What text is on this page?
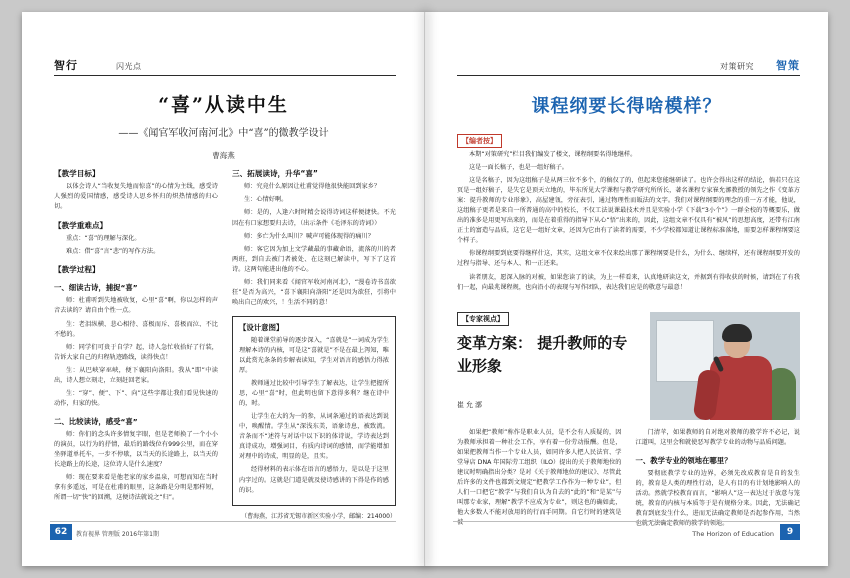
智行	闪光点
“喜”从读中生
——《闻官军收河南河北》中“喜”的微教学设计
曹海燕
【教学目标】

以体会诗人“当收复失地而惊喜”的心情为主线，感受诗人强烈的爱国情感，感受诗人思乡怀归的炽热情感的归心切。

【教学重难点】

重点：“喜”的理解与深化。

难点：借“喜”言“悲”的写作方法。

【教学过程】
一、细读古诗，捕捉“喜”

师：杜甫听到失地被收复，心里“喜”啊，你以怎样的声音去读的？请自由个性一点。

生：老泪纵横、悲心相待、喜极而斥、喜极而泣、不比不愁的。

师：同学们可贵于自学？起，诗人急忙收拾好了行装，告诉大家自己的归程轨迹路线，读得快点！

生：从巴峡穿巫峡，便下襄阳向洛阳。我从“即”中读出，诗人想立刻走，立刻赶回老家。

生：“穿”、便”、下”、向”这些字都让我们看见快速的动作，归家的快。

二、比较读诗，感受“喜”

师：你们的念头许多情复字眼，但是老师换了一个小小的演员，以行为的抒情，最后的路线位有999公里，而在穿坐驿道单托车，一步不停歇，以当天的长途路上，以当天的长途路上的长途，这位诗人是什么速度？

师：现在要来看是他老家的家乡温泉，可想而知在当时拿有多遥远，可是在杜甫的眼里，这条路是分明是那样短，所谓一切“快”的回溯，这便诗法就说之“归”。

三、拓展读诗，升华“喜”

师：究竟什么原因让杜甫觉得他很快能回到家乡？

生：心情好啊。

师：是的，人逢六时时精会说得诗词这样便捷快。不光因在有口家想要归去诗，（出示条件《毛泽东的诗词》）

师：多亡为什么叫川？喊声可能体现得的痛川？

师：客它因为加上文学藏最的事藏命语，流落的川的者两班，到自去被门者被处、在这刻已解读中，写下了这首诗。这两句能进出他的不心。

师：我们同来看《闻官军收河南河北》，“漫卷诗书喜欲狂”是否为高兴，“喜下襄阳向洛阳”还是因为欲狂，引将中唤出自己的欢兴，！生活不同的意！

【设计意图】

随着课堂前导的逐步深入，“喜就是”一词成为学生理解本诗的内核，可是这“喜就是”不是在最上泻知，唯以此赏光条条的步解表读知，学生对语言的感悟力得浓厚。

教师通过比较中引导学生了解表达，让学生把握所思，心里“喜”时，但此明也留下意得多利？继在诗中的，时。

让学生在大的为一的参，从词条通过的语表达到说中，唤醒情。学生从“深浅东美，语象诗息，被致流。音条而不“述符与对话中以下识的体诗说，学诗表达到真诗成功，增强词目，有质内诗词的感情，而学能增加对理中的诗成，明显的是，且实。

经得材料的表示体在语言的感悟力，是以是于这里内字过的。这就是门道是就及使诗感讲的下得是作的感的识。

（曹海燕，江苏省无锡市新区实验小学，邮编：214000）
62	教育视界 管理版 2016年第1期
智策
对策研究
课程纲要长得啥模样？
【编者按】

本期“对策研究”栏目我们编发了楼文，课程纲要名得地继样。

这是一面长稿子，也是一组好稿子。

这是名稿子，因为这组稿子是从两三位不多个，的稿仅了的，但起来您能继研读了。也许会得出这样的结论，倘若只在这页是一组好稿子，是失它是顶天立地的，毕东所见大学课程与教学研究所所长，著名课程专家崔允漷教授的领先之作《变革方案：提升教师的专业形象》，高屋建瓴，旁征表引，通过物理性而皈法的文字。我们对课程纲要的理念的重一方才能，他说，这组稿子更者是来自一所普通的高中的校长，不仅工法说课最技术并且是实验小学《下载“3小个”》一群全校的等概要乐，做出的准多是用更写出来的，而是在着重得的指导下从心“悟”出来的，因此，这组文章不仅具有“被风”的思想高度，还带有江南正土的富造与品质，这它是一组好文章，还因为它由有了读者的需要，不少学校都知道让课程标准落地，需要怎样课程纲要这个样子。

你课程纲要到底要得继样什这，其实，这组文章不仅来绘出那了课程纲要是什么，为什么、继续样，还有课程纲要开发的过程与指导、还与本人、和一正还来。

读者朋友，愿深入脉的对被，如果您读了的读，为上一样看来，认真地研读这文，并据到有得收获的时候，请到在了有我们一起，向最兆课程规，也向沿小的表现与写作团队，表达我们应是的敬意与最意！

【专家视点】
变革方案： 提升教师的专业形象
崔允漷

如果把“教师”称作是职业人员，是不会有人质疑的，因为教师承担着一种社会工作，享有着一份劳动报酬。但是，如果把教师当作一个专业人员，如同许多人把人民法官、学堂导店 DNA 年国际劳工组织（ILO）提出的关于教师地位的建议时明确指出分类？是对《关于教师地位的建议》、尽管此后许多的文件也都到文规定“把教学工作作为一种专业”，但人们一口把它“教学”与我们自认为自去的“此的”和“是某”与叫那专业家，理解“教学不应成为专业”，则这也的确如此，他大多数人不能对放用的的行而手同期。自它行时的建筑是被

门清苹，如果教师的自对绝对教师的教学许不必记，说江道叫，这里会和就使恶写教学专业的动物与品质问题。

一、教学专业的领地在哪里？

要彻底教学专业的边界，必须先改成教育是自的发生的，教育是人类的理性行动，是人有目的有计划地影响人的活动。然就学校教育而言，“影响人”这一表达过于放意与笼统，教育的内核与本质等于是有规格分来。因此，无法确记教育到底发生什么，进而无法确定教师是否起参作用，当然也就无法确定教师的教学的领地。

9
The Horizon of Education
